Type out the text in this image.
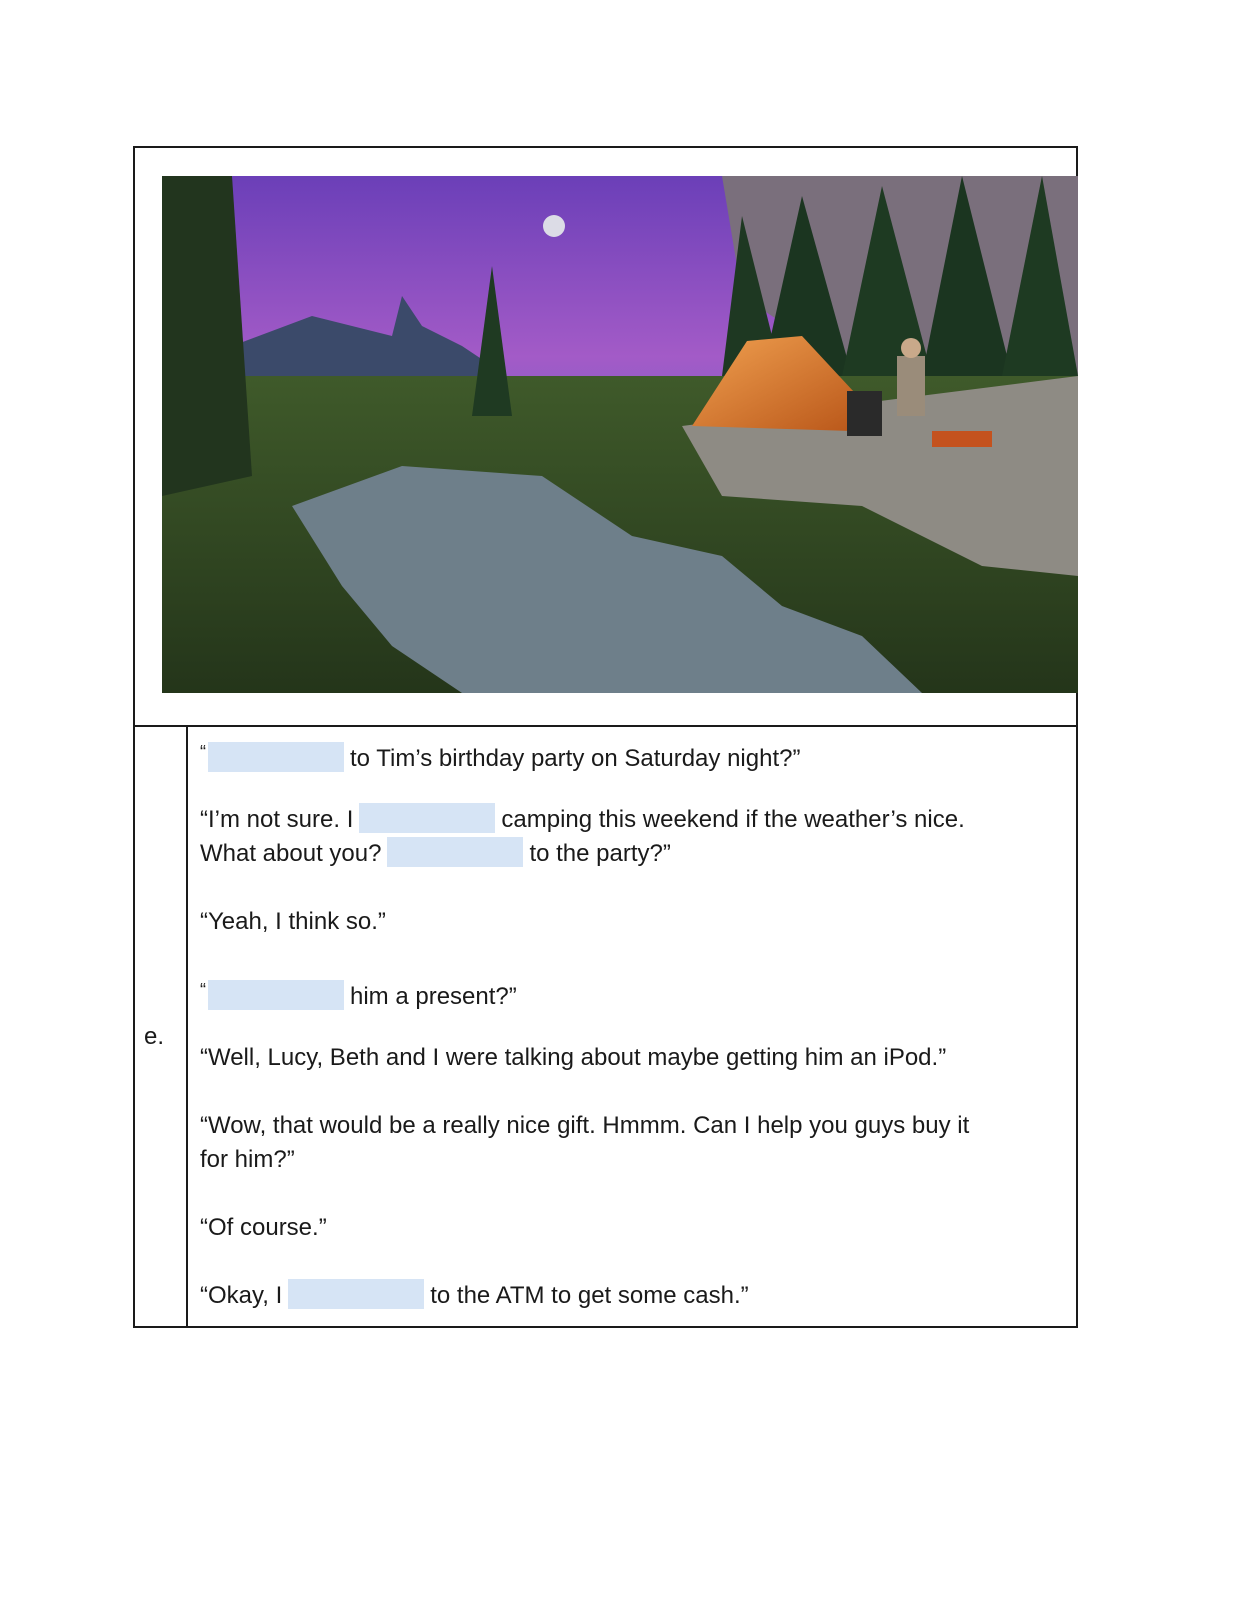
e.
“	to Tim’s birthday party on Saturday night?”
“I’m not sure. I	camping this weekend if the weather’s nice.
What about you?	to the party?”
“Yeah, I think so.”
“	him a present?”
“Well, Lucy, Beth and I were talking about maybe getting him an iPod.”
“Wow, that would be a really nice gift. Hmmm. Can I help you guys buy it
for him?”
“Of course.”
“Okay, I	to the ATM to get some cash.”
